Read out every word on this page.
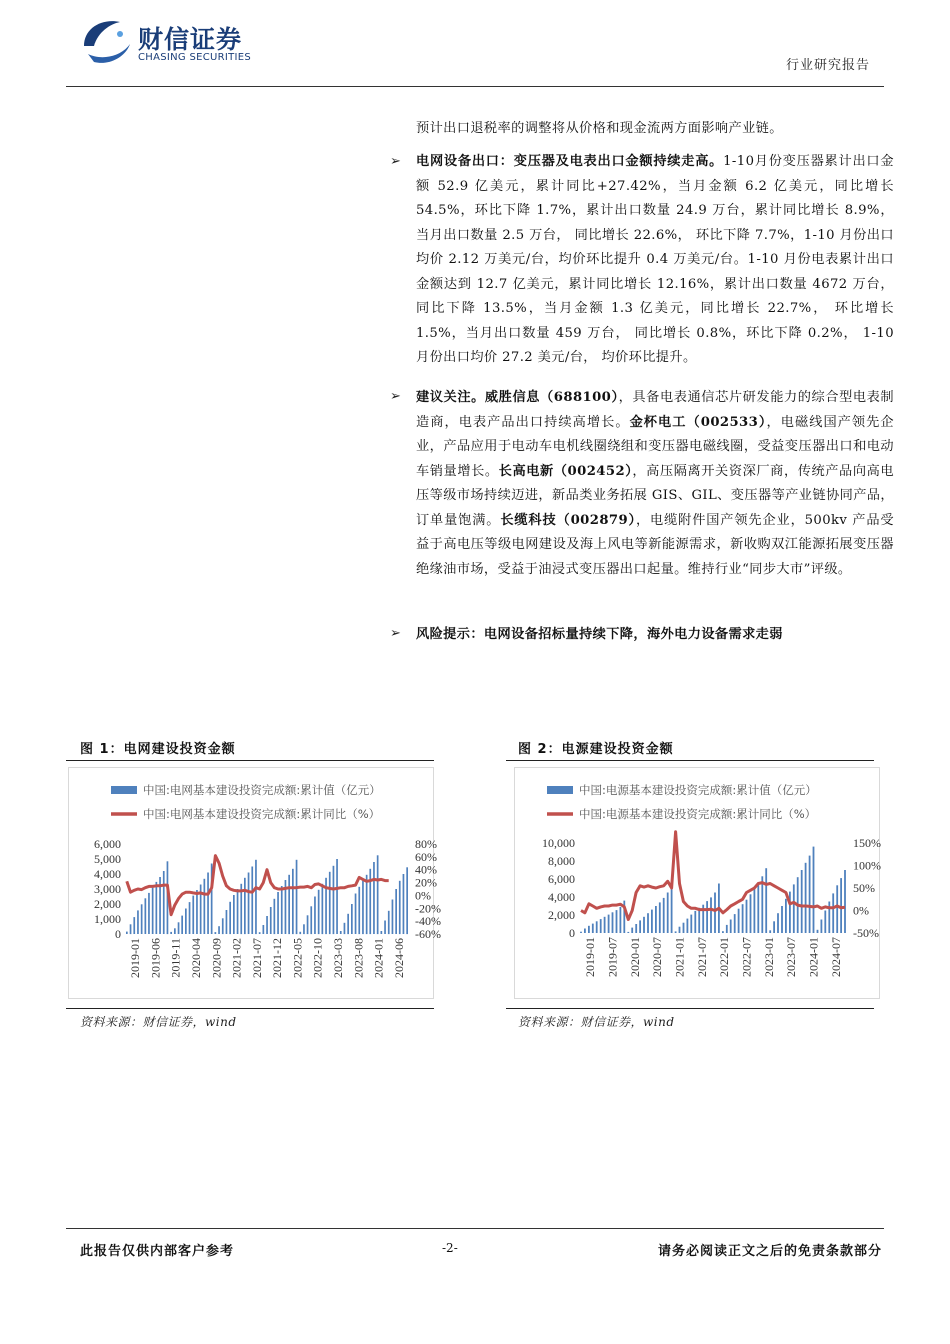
财信证券
CHASING SECURITIES
行业研究报告
预计出口退税率的调整将从价格和现金流两方面影响产业链。
➢ 电网设备出口：变压器及电表出口金额持续走高。1-10月份变压器累计出口金额 52.9 亿美元，累计同比+27.42%，当月金额 6.2 亿美元，同比增长 54.5%，环比下降 1.7%，累计出口数量 24.9 万台，累计同比增长 8.9%， 当月出口数量 2.5 万台， 同比增长 22.6%， 环比下降 7.7%，1-10 月份出口均价 2.12 万美元/台，均价环比提升 0.4 万美元/台。1-10 月份电表累计出口金额达到 12.7 亿美元，累计同比增长 12.16%，累计出口数量 4672 万台，同比下降 13.5%，当月金额 1.3 亿美元，同比增长 22.7%， 环比增长 1.5%，当月出口数量 459 万台， 同比增长 0.8%，环比下降 0.2%， 1-10 月份出口均价 27.2 美元/台， 均价环比提升。
➢ 建议关注。威胜信息（688100），具备电表通信芯片研发能力的综合型电表制造商，电表产品出口持续高增长。金杯电工（002533），电磁线国产领先企业，产品应用于电动车电机线圈绕组和变压器电磁线圈，受益变压器出口和电动车销量增长。长高电新（002452），高压隔离开关资深厂商，传统产品向高电压等级市场持续迈进，新品类业务拓展 GIS、GIL、变压器等产业链协同产品，订单量饱满。长缆科技（002879），电缆附件国产领先企业，500kv 产品受益于高电压等级电网建设及海上风电等新能源需求，新收购双江能源拓展变压器绝缘油市场，受益于油浸式变压器出口起量。维持行业“同步大市”评级。
➢ 风险提示：电网设备招标量持续下降，海外电力设备需求走弱
图 1：电网建设投资金额	图 2：电源建设投资金额
中国:电网基本建设投资完成额:累计值（亿元）
中国:电网基本建设投资完成额:累计同比（%）
6,000
5,000
4,000
3,000
2,000
1,000
0
80%
60%
40%
20%
0%
-20%
-40%
-60%
2019-01 2019-06 2019-11 2020-04 2020-09 2021-02 2021-07 2021-12 2022-05 2022-10 2023-03 2023-08 2024-01 2024-06
中国:电源基本建设投资完成额:累计值（亿元）
中国:电源基本建设投资完成额:累计同比（%）
10,000
8,000
6,000
4,000
2,000
0
150%
100%
50%
0%
-50%
2019-01 2019-07 2020-01 2020-07 2021-01 2021-07 2022-01 2022-07 2023-01 2023-07 2024-01 2024-07
资料来源：财信证券，wind	资料来源：财信证券，wind
此报告仅供内部客户参考	-2-	请务必阅读正文之后的免责条款部分
